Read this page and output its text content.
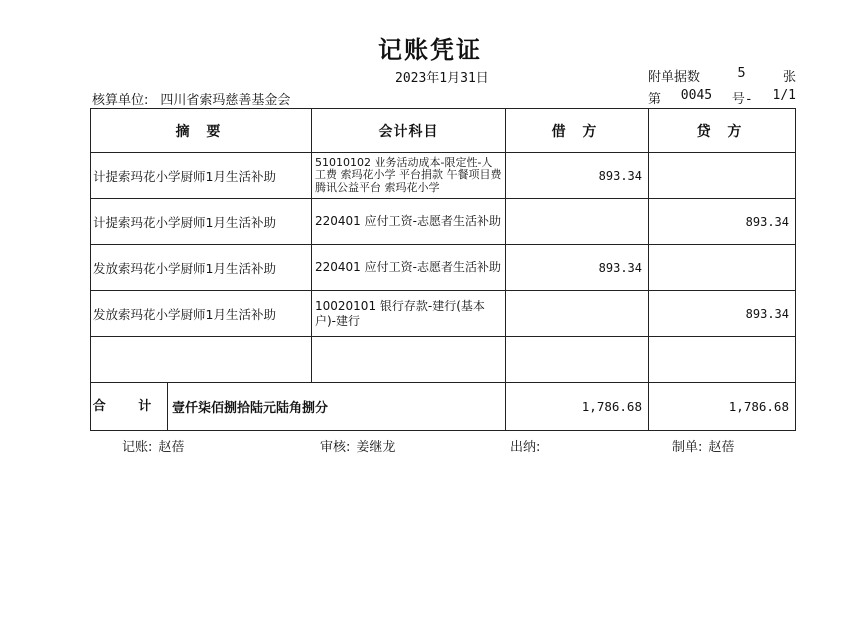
记账凭证
2023年1月31日	附单据数	5	张
核算单位: 四川省索玛慈善基金会	第 0045 号- 1/1
摘 要	会计科目	借 方	贷 方
计提索玛花小学厨师1月生活补助	51010102 业务活动成本-限定性-人工费 索玛花小学 平台捐款 午餐项目费 腾讯公益平台 索玛花小学	893.34	
计提索玛花小学厨师1月生活补助	220401 应付工资-志愿者生活补助		893.34
发放索玛花小学厨师1月生活补助	220401 应付工资-志愿者生活补助	893.34	
发放索玛花小学厨师1月生活补助	10020101 银行存款-建行(基本户)-建行		893.34

合 计 壹仟柒佰捌拾陆元陆角捌分		1,786.68	1,786.68
记账: 赵蓓	审核: 姜继龙	出纳:	制单: 赵蓓
